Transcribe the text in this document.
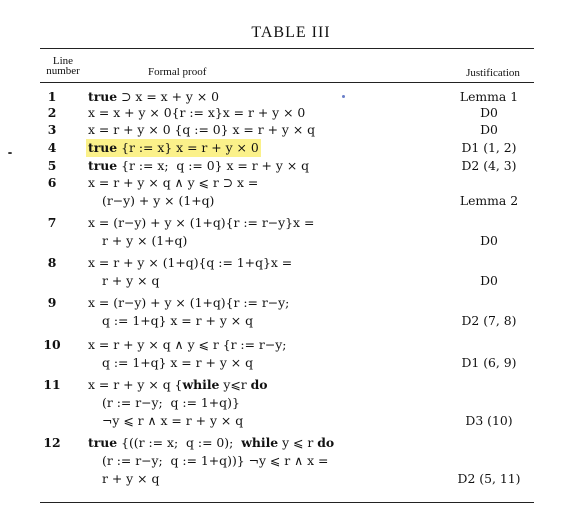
TABLE III
Line
number	Formal proof	Justification
1	true ⊃ x = x + y × 0	Lemma 1
2	x = x + y × 0{r := x}x = r + y × 0	D0
3	x = r + y × 0 {q := 0} x = r + y × q	D0
4	true {r := x} x = r + y × 0	D1 (1, 2)
5	true {r := x;  q := 0} x = r + y × q	D2 (4, 3)
6	x = r + y × q ∧ y ⩽ r ⊃ x =
(r−y) + y × (1+q)	Lemma 2
7	x = (r−y) + y × (1+q){r := r−y}x =
r + y × (1+q)	D0
8	x = r + y × (1+q){q := 1+q}x =
r + y × q	D0
9	x = (r−y) + y × (1+q){r := r−y;
q := 1+q} x = r + y × q	D2 (7, 8)
10 x = r + y × q ∧ y ⩽ r {r := r−y;
q := 1+q} x = r + y × q	D1 (6, 9)
11 x = r + y × q {while y⩽r do
(r := r−y;  q := 1+q)}
¬y ⩽ r ∧ x = r + y × q	D3 (10)
12 true {((r := x;  q := 0);  while y ⩽ r do
(r := r−y;  q := 1+q))} ¬y ⩽ r ∧ x =
r + y × q	D2 (5, 11)
